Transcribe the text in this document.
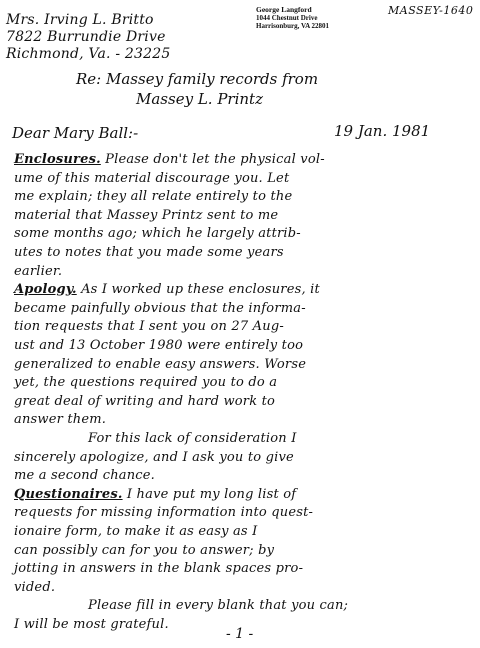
MASSEY-1640
Mrs. Irving L. Britto
7822 Burrundie Drive
Richmond, Va. - 23225
George Langford
1044 Chestnut Drive
Harrisonburg, VA 22801
Re: Massey family records from
Massey L. Printz
Dear Mary Ball:-	19 Jan. 1981
Enclosures. Please don't let the physical vol-
ume of this material discourage you. Let
me explain; they all relate entirely to the
material that Massey Printz sent to me
some months ago; which he largely attrib-
utes to notes that you made some years
earlier.
Apology. As I worked up these enclosures, it
became painfully obvious that the informa-
tion requests that I sent you on 27 Aug-
ust and 13 October 1980 were entirely too
generalized to enable easy answers. Worse
yet, the questions required you to do a
great deal of writing and hard work to
answer them.
For this lack of consideration I
sincerely apologize, and I ask you to give
me a second chance.
Questionaires. I have put my long list of
requests for missing information into quest-
ionaire form, to make it as easy as I
can possibly can for you to answer; by
jotting in answers in the blank spaces pro-
vided.
Please fill in every blank that you can;
I will be most grateful.
- 1 -
